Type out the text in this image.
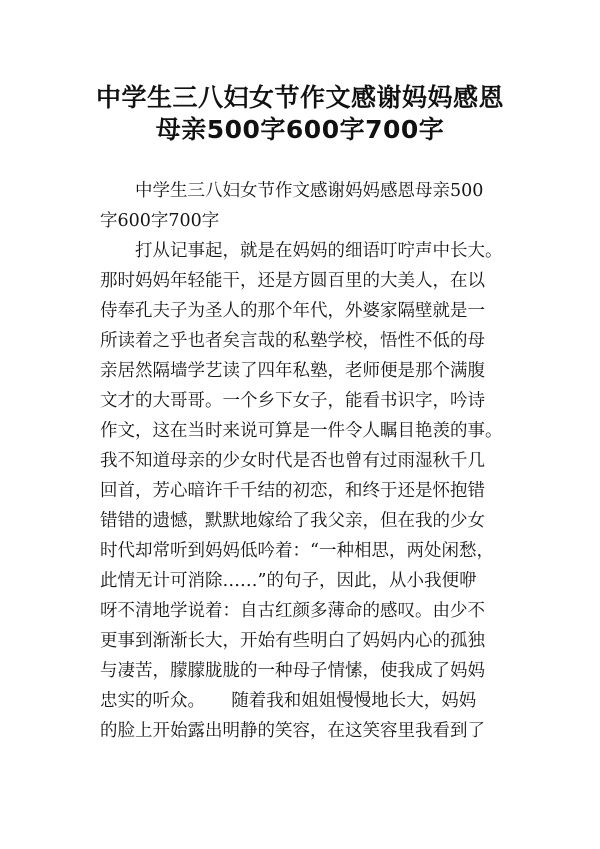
中学生三八妇女节作文感谢妈妈感恩
母亲500字600字700字
　　中学生三八妇女节作文感谢妈妈感恩母亲500
字600字700字
　　打从记事起，就是在妈妈的细语叮咛声中长大。
那时妈妈年轻能干，还是方圆百里的大美人，在以
侍奉孔夫子为圣人的那个年代，外婆家隔壁就是一
所读着之乎也者矣言哉的私塾学校，悟性不低的母
亲居然隔墙学艺读了四年私塾，老师便是那个满腹
文才的大哥哥。一个乡下女子，能看书识字，吟诗
作文，这在当时来说可算是一件令人瞩目艳羡的事。
我不知道母亲的少女时代是否也曾有过雨湿秋千几
回首，芳心暗许千千结的初恋，和终于还是怀抱错
错错的遗憾，默默地嫁给了我父亲，但在我的少女
时代却常听到妈妈低吟着：“一种相思，两处闲愁，
此情无计可消除……”的句子，因此，从小我便咿
呀不清地学说着：自古红颜多薄命的感叹。由少不
更事到渐渐长大，开始有些明白了妈妈内心的孤独
与凄苦，朦朦胧胧的一种母子情愫，使我成了妈妈
忠实的听众。　　随着我和姐姐慢慢地长大，妈妈
的脸上开始露出明静的笑容，在这笑容里我看到了
